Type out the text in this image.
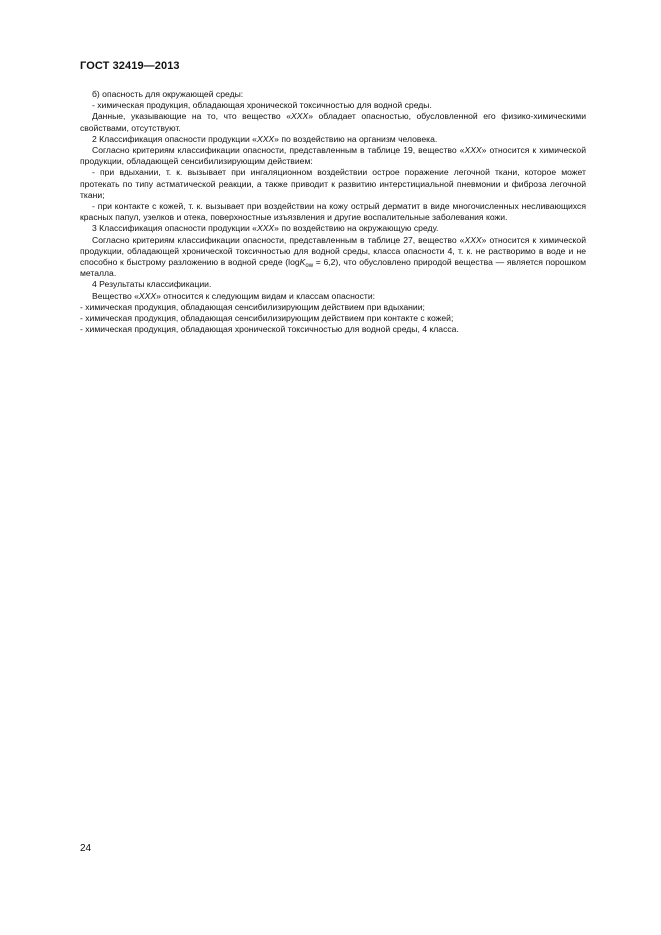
ГОСТ 32419—2013

б) опасность для окружающей среды:

- химическая продукция, обладающая хронической токсичностью для водной среды.

Данные, указывающие на то, что вещество «XXX» обладает опасностью, обусловленной его физико-химическими свойствами, отсутствуют.

2 Классификация опасности продукции «XXX» по воздействию на организм человека.

Согласно критериям классификации опасности, представленным в таблице 19, вещество «XXX» относится к химической продукции, обладающей сенсибилизирующим действием:

- при вдыхании, т. к. вызывает при ингаляционном воздействии острое поражение легочной ткани, которое может протекать по типу астматической реакции, а также приводит к развитию интерстициальной пневмонии и фиброза легочной ткани;

- при контакте с кожей, т. к. вызывает при воздействии на кожу острый дерматит в виде многочисленных несливающихся красных папул, узелков и отека, поверхностные изъязвления и другие воспалительные заболевания кожи.

3 Классификация опасности продукции «XXX» по воздействию на окружающую среду.

Согласно критериям классификации опасности, представленным в таблице 27, вещество «XXX» относится к химической продукции, обладающей хронической токсичностью для водной среды, класса опасности 4, т. к. не растворимо в воде и не способно к быстрому разложению в водной среде (logK$_{ow}$ = 6,2), что обусловлено природой вещества — является порошком металла.

4 Результаты классификации.

Вещество «XXX» относится к следующим видам и классам опасности:

- химическая продукция, обладающая сенсибилизирующим действием при вдыхании;

- химическая продукция, обладающая сенсибилизирующим действием при контакте с кожей;

- химическая продукция, обладающая хронической токсичностью для водной среды, 4 класса.

24
